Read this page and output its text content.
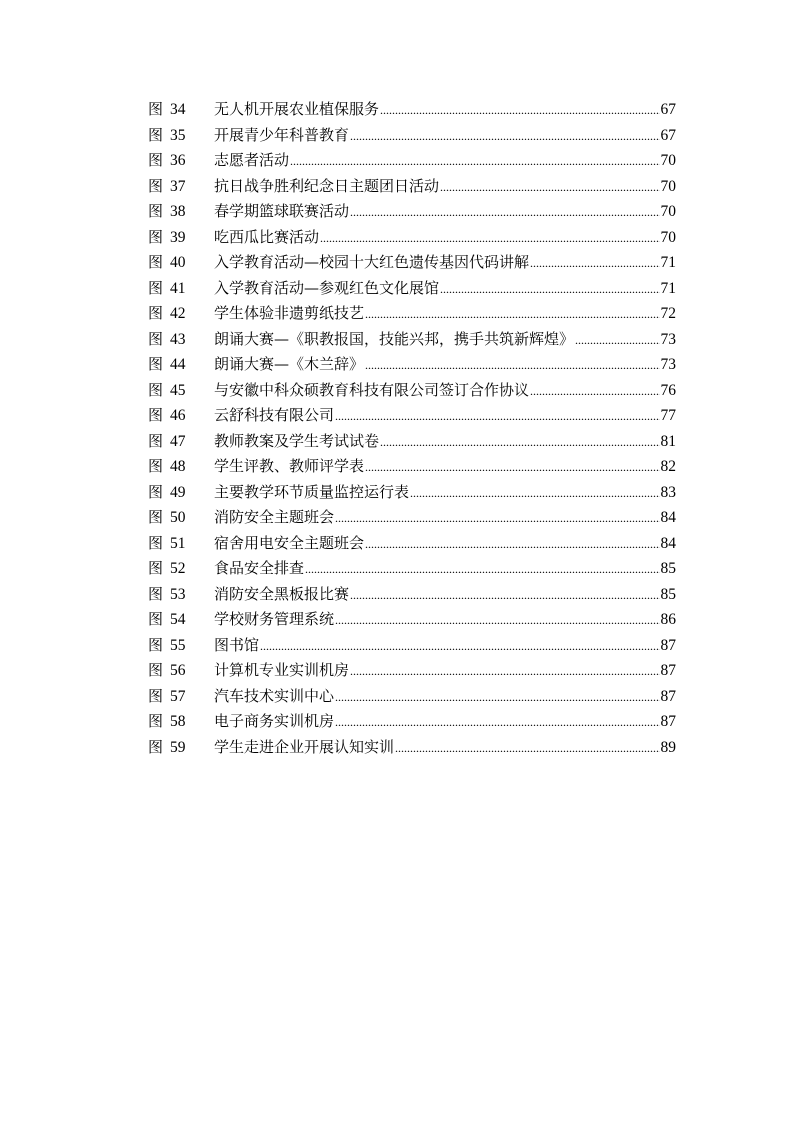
图 34	无人机开展农业植保服务 .....	67
图 35	开展青少年科普教育 .....	67
图 36	志愿者活动 .....	70
图 37	抗日战争胜利纪念日主题团日活动 .....	70
图 38	春学期篮球联赛活动 .....	70
图 39	吃西瓜比赛活动 .....	70
图 40	入学教育活动—校园十大红色遗传基因代码讲解 .....	71
图 41	入学教育活动—参观红色文化展馆 .....	71
图 42	学生体验非遗剪纸技艺 .....	72
图 43	朗诵大赛—《职教报国，技能兴邦，携手共筑新辉煌》 .....	73
图 44	朗诵大赛—《木兰辞》 .....	73
图 45	与安徽中科众硕教育科技有限公司签订合作协议 .....	76
图 46	云舒科技有限公司 .....	77
图 47	教师教案及学生考试试卷 .....	81
图 48	学生评教、教师评学表 .....	82
图 49	主要教学环节质量监控运行表 .....	83
图 50	消防安全主题班会 .....	84
图 51	宿舍用电安全主题班会 .....	84
图 52	食品安全排查 .....	85
图 53	消防安全黑板报比赛 .....	85
图 54	学校财务管理系统 .....	86
图 55	图书馆 .....	87
图 56	计算机专业实训机房 .....	87
图 57	汽车技术实训中心 .....	87
图 58	电子商务实训机房 .....	87
图 59	学生走进企业开展认知实训 .....	89
